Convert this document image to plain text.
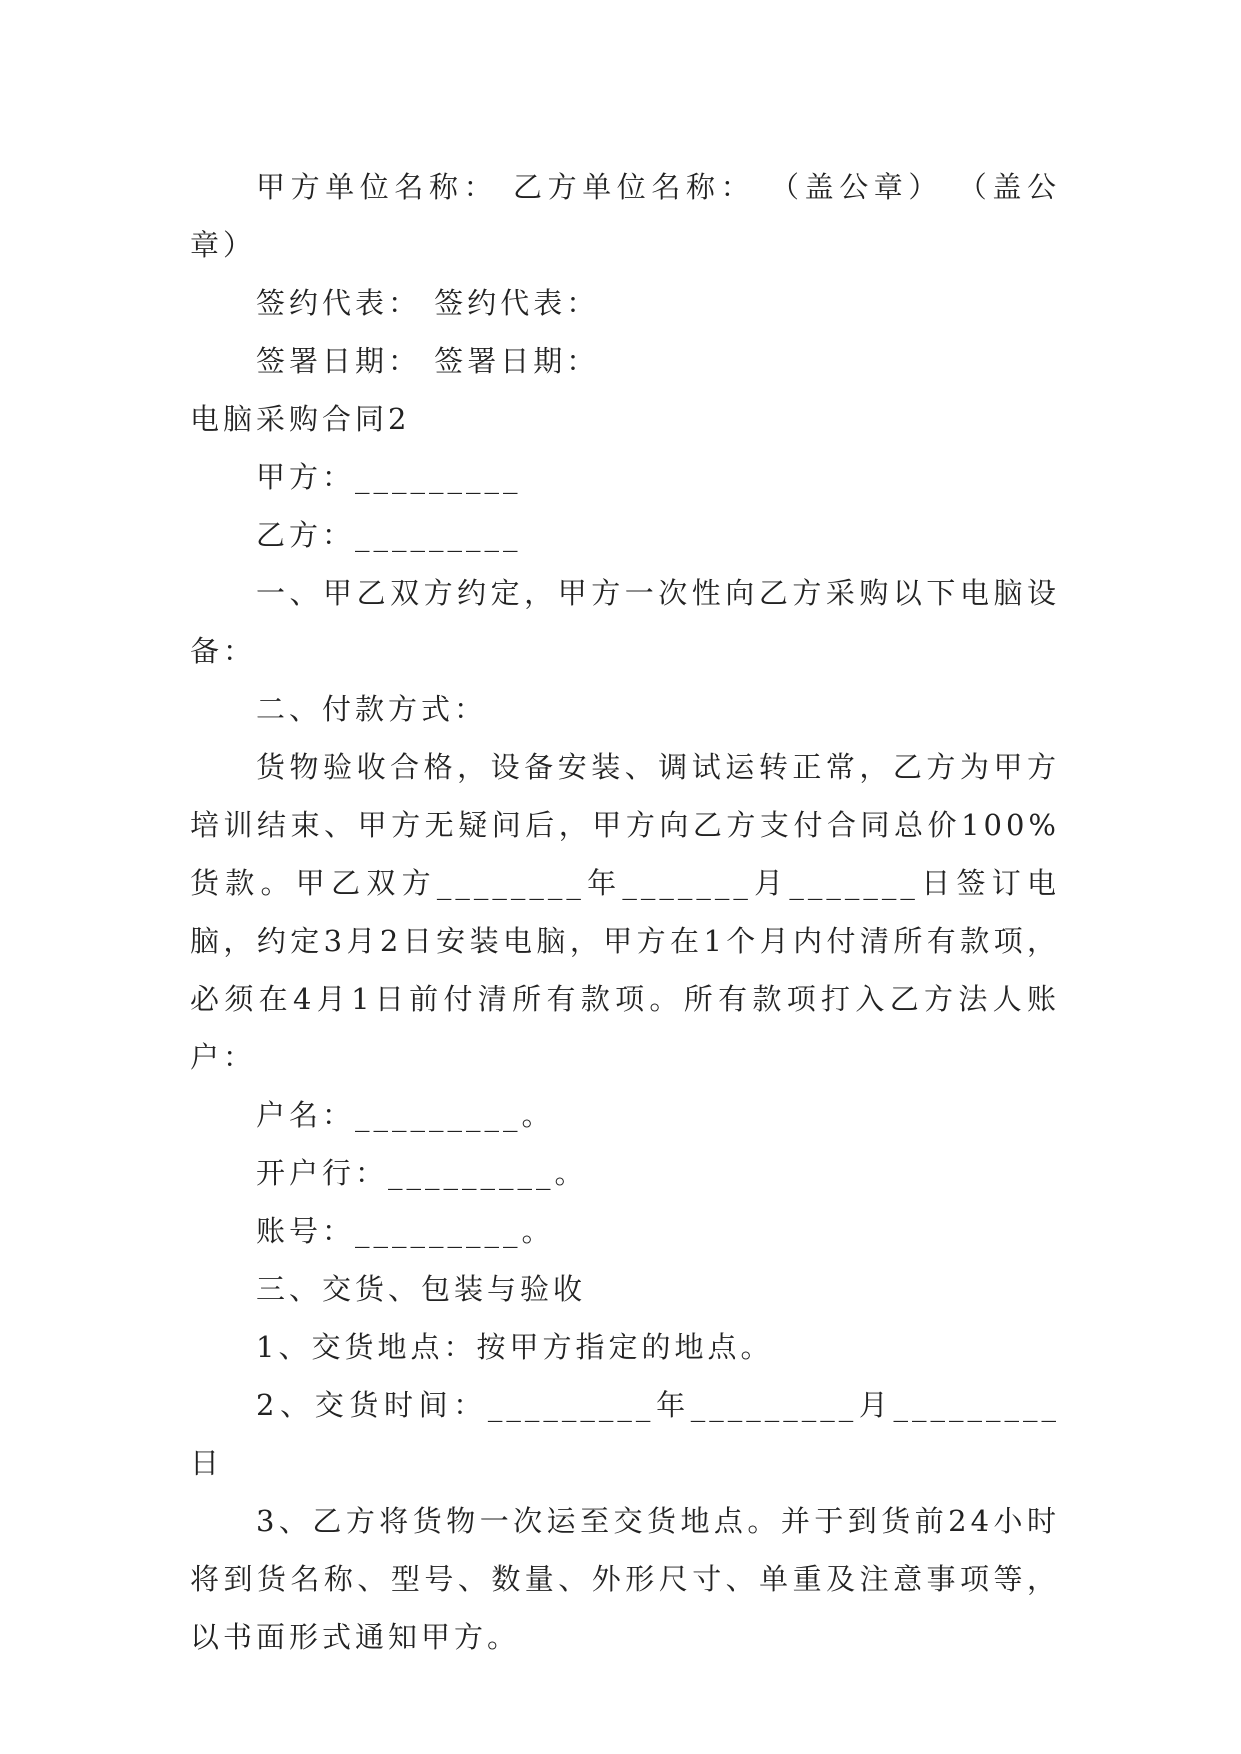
甲方单位名称： 乙方单位名称： （盖公章） （盖公章）

签约代表： 签约代表：

签署日期： 签署日期：

电脑采购合同2

甲方：_________

乙方：_________

一、甲乙双方约定，甲方一次性向乙方采购以下电脑设备：

二、付款方式：

货物验收合格，设备安装、调试运转正常，乙方为甲方培训结束、甲方无疑问后，甲方向乙方支付合同总价100%货款。甲乙双方________年_______月_______日签订电脑，约定3月2日安装电脑，甲方在1个月内付清所有款项，必须在4月1日前付清所有款项。所有款项打入乙方法人账户：

户名：_________。

开户行：_________。

账号：_________。

三、交货、包装与验收

1、交货地点：按甲方指定的地点。

2、交货时间：_________年_________月_________日

3、乙方将货物一次运至交货地点。并于到货前24小时将到货名称、型号、数量、外形尺寸、单重及注意事项等，以书面形式通知甲方。
